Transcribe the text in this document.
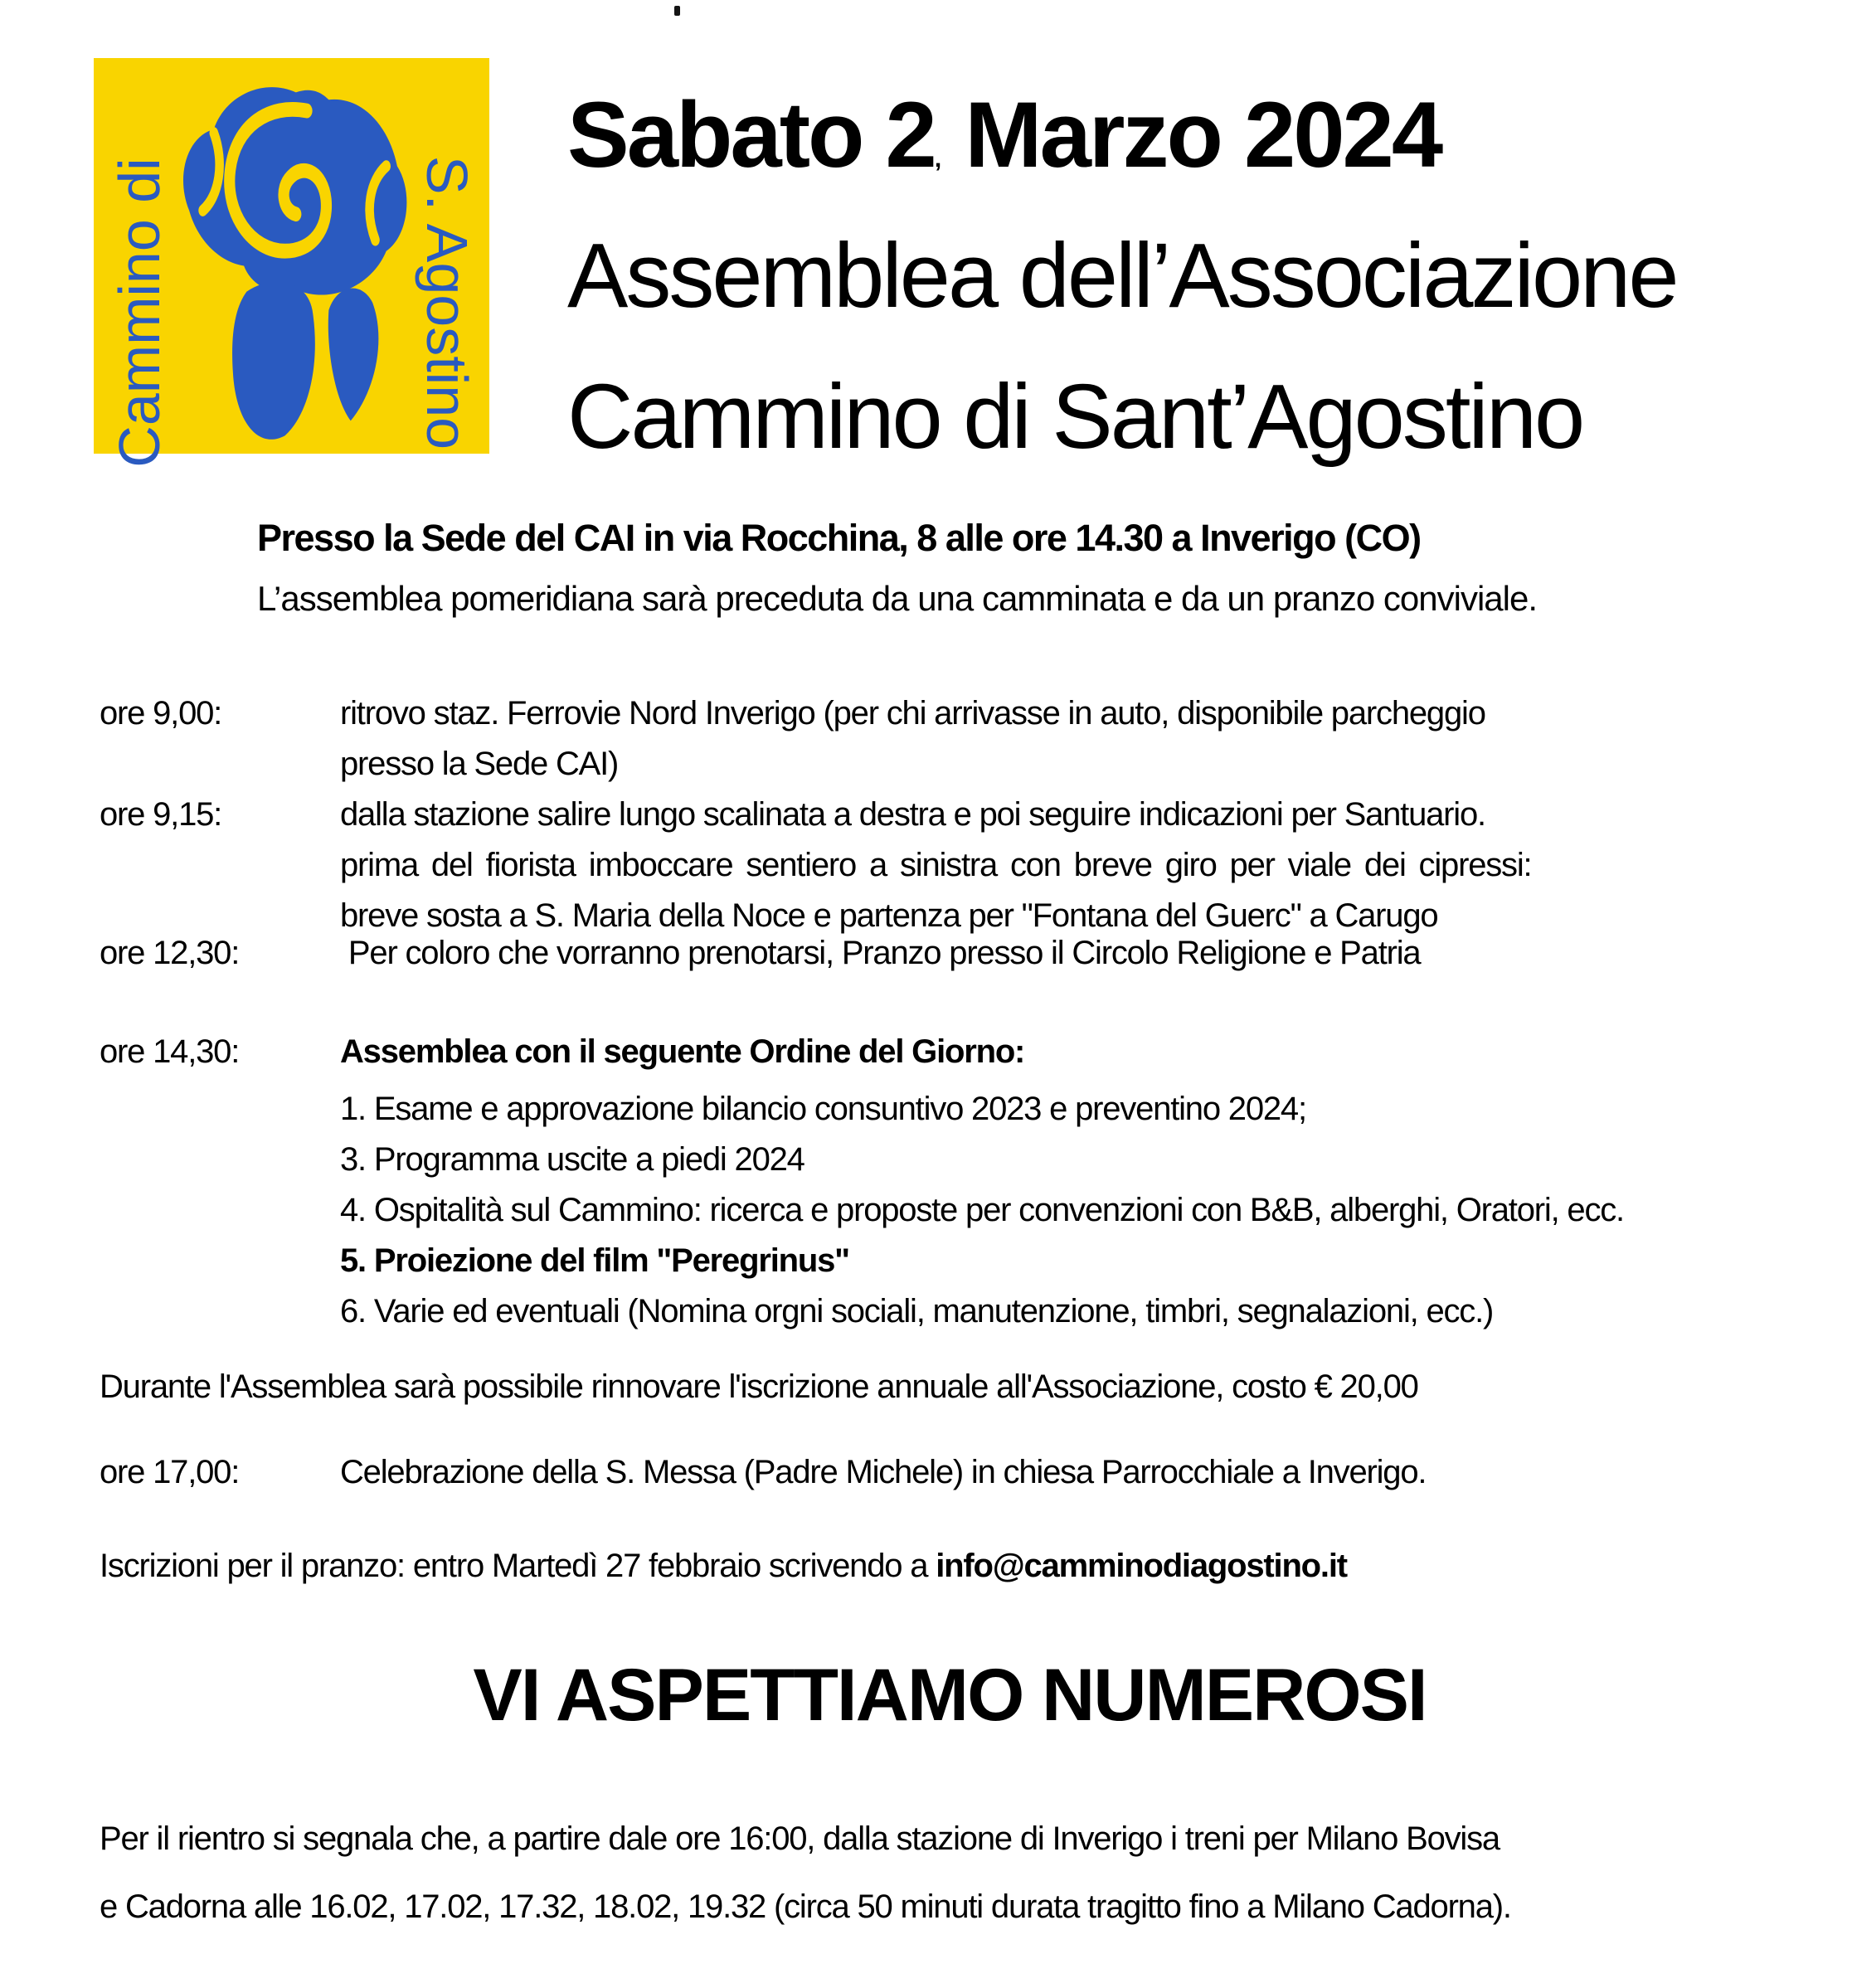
Cammino di	S. Agostino
Sabato 2, Marzo 2024
Assemblea dell’Associazione
Cammino di Sant’Agostino
Presso la Sede del CAI in via Rocchina, 8 alle ore 14.30 a Inverigo (CO)
L’assemblea pomeridiana sarà preceduta da una camminata e da un pranzo conviviale.
ore 9,00:	ritrovo staz. Ferrovie Nord Inverigo (per chi arrivasse in auto, disponibile parcheggio
presso la Sede CAI)
ore 9,15:	dalla stazione salire lungo scalinata a destra e poi seguire indicazioni per Santuario.
prima del fiorista imboccare sentiero a sinistra con breve giro per viale dei cipressi:
breve sosta a S. Maria della Noce e partenza per "Fontana del Guerc" a Carugo
ore 12,30:	Per coloro che vorranno prenotarsi, Pranzo presso il Circolo Religione e Patria
ore 14,30:	Assemblea con il seguente Ordine del Giorno:
1. Esame e approvazione bilancio consuntivo 2023 e preventino 2024;
3. Programma uscite a piedi 2024
4. Ospitalità sul Cammino: ricerca e proposte per convenzioni con B&B, alberghi, Oratori, ecc.
5. Proiezione del film "Peregrinus"
6. Varie ed eventuali (Nomina orgni sociali, manutenzione, timbri, segnalazioni, ecc.)
Durante l'Assemblea sarà possibile rinnovare l'iscrizione annuale all'Associazione, costo € 20,00
ore 17,00:	Celebrazione della S. Messa (Padre Michele) in chiesa Parrocchiale a Inverigo.
Iscrizioni per il pranzo: entro Martedì 27 febbraio scrivendo a info@camminodiagostino.it
VI ASPETTIAMO NUMEROSI
Per il rientro si segnala che, a partire dale ore 16:00, dalla stazione di Inverigo i treni per Milano Bovisa
e Cadorna alle 16.02, 17.02, 17.32, 18.02, 19.32 (circa 50 minuti durata tragitto fino a Milano Cadorna).
